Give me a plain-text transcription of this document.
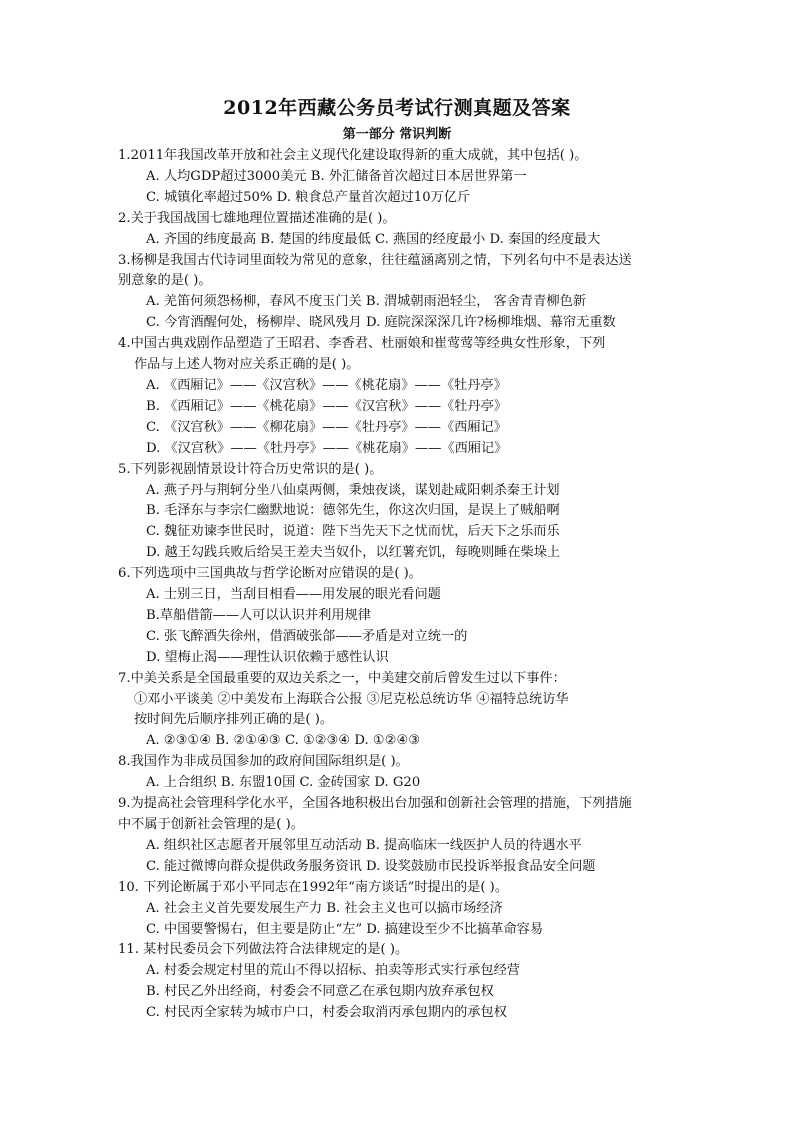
2012年西藏公务员考试行测真题及答案
第一部分 常识判断
1.2011年我国改革开放和社会主义现代化建设取得新的重大成就，其中包括( )。
A. 人均GDP超过3000美元 B. 外汇储备首次超过日本居世界第一
C. 城镇化率超过50% D. 粮食总产量首次超过10万亿斤
2.关于我国战国七雄地理位置描述准确的是( )。
A. 齐国的纬度最高 B. 楚国的纬度最低 C. 燕国的经度最小 D. 秦国的经度最大
3.杨柳是我国古代诗词里面较为常见的意象，往往蕴涵离别之情，下列名句中不是表达送
别意象的是( )。
A. 羌笛何须怨杨柳，春风不度玉门关 B. 渭城朝雨浥轻尘， 客舍青青柳色新
C. 今宵酒醒何处，杨柳岸、晓风残月 D. 庭院深深深几许?杨柳堆烟、幕帘无重数
4.中国古典戏剧作品塑造了王昭君、李香君、杜丽娘和崔莺莺等经典女性形象，下列
作品与上述人物对应关系正确的是( )。
A. 《西厢记》——《汉宫秋》——《桃花扇》——《牡丹亭》
B. 《西厢记》——《桃花扇》——《汉宫秋》——《牡丹亭》
C. 《汉宫秋》——《柳花扇》——《牡丹亭》——《西厢记》
D. 《汉宫秋》——《牡丹亭》——《桃花扇》——《西厢记》
5.下列影视剧情景设计符合历史常识的是( )。
A. 燕子丹与荆轲分坐八仙桌两侧，秉烛夜谈，谋划赴咸阳刺杀秦王计划
B. 毛泽东与李宗仁幽默地说：德邻先生，你这次归国，是误上了贼船啊
C. 魏征劝谏李世民时，说道：陛下当先天下之忧而忧，后天下之乐而乐
D. 越王勾践兵败后给吴王差夫当奴仆，以红薯充饥，每晚则睡在柴垛上
6.下列选项中三国典故与哲学论断对应错误的是( )。
A. 士别三日，当刮目相看——用发展的眼光看问题
B.草船借箭——人可以认识并利用规律
C. 张飞醉酒失徐州，借酒破张郃——矛盾是对立统一的
D. 望梅止渴——理性认识依赖于感性认识
7.中美关系是全国最重要的双边关系之一，中美建交前后曾发生过以下事件：
①邓小平谈美 ②中美发布上海联合公报 ③尼克松总统访华 ④福特总统访华
按时间先后顺序排列正确的是( )。
A. ②③①④ B. ②①④③ C. ①②③④ D. ①②④③
8.我国作为非成员国参加的政府间国际组织是( )。
A. 上合组织 B. 东盟10国 C. 金砖国家 D. G20
9.为提高社会管理科学化水平，全国各地积极出台加强和创新社会管理的措施，下列措施
中不属于创新社会管理的是( )。
A. 组织社区志愿者开展邻里互动活动 B. 提高临床一线医护人员的待遇水平
C. 能过微博向群众提供政务服务资讯 D. 设奖鼓励市民投诉举报食品安全问题
10. 下列论断属于邓小平同志在1992年“南方谈话”时提出的是( )。
A. 社会主义首先要发展生产力 B. 社会主义也可以搞市场经济
C. 中国要警惕右，但主要是防止“左” D. 搞建设至少不比搞革命容易
11. 某村民委员会下列做法符合法律规定的是( )。
A. 村委会规定村里的荒山不得以招标、拍卖等形式实行承包经营
B. 村民乙外出经商，村委会不同意乙在承包期内放弃承包权
C. 村民丙全家转为城市户口，村委会取消丙承包期内的承包权
